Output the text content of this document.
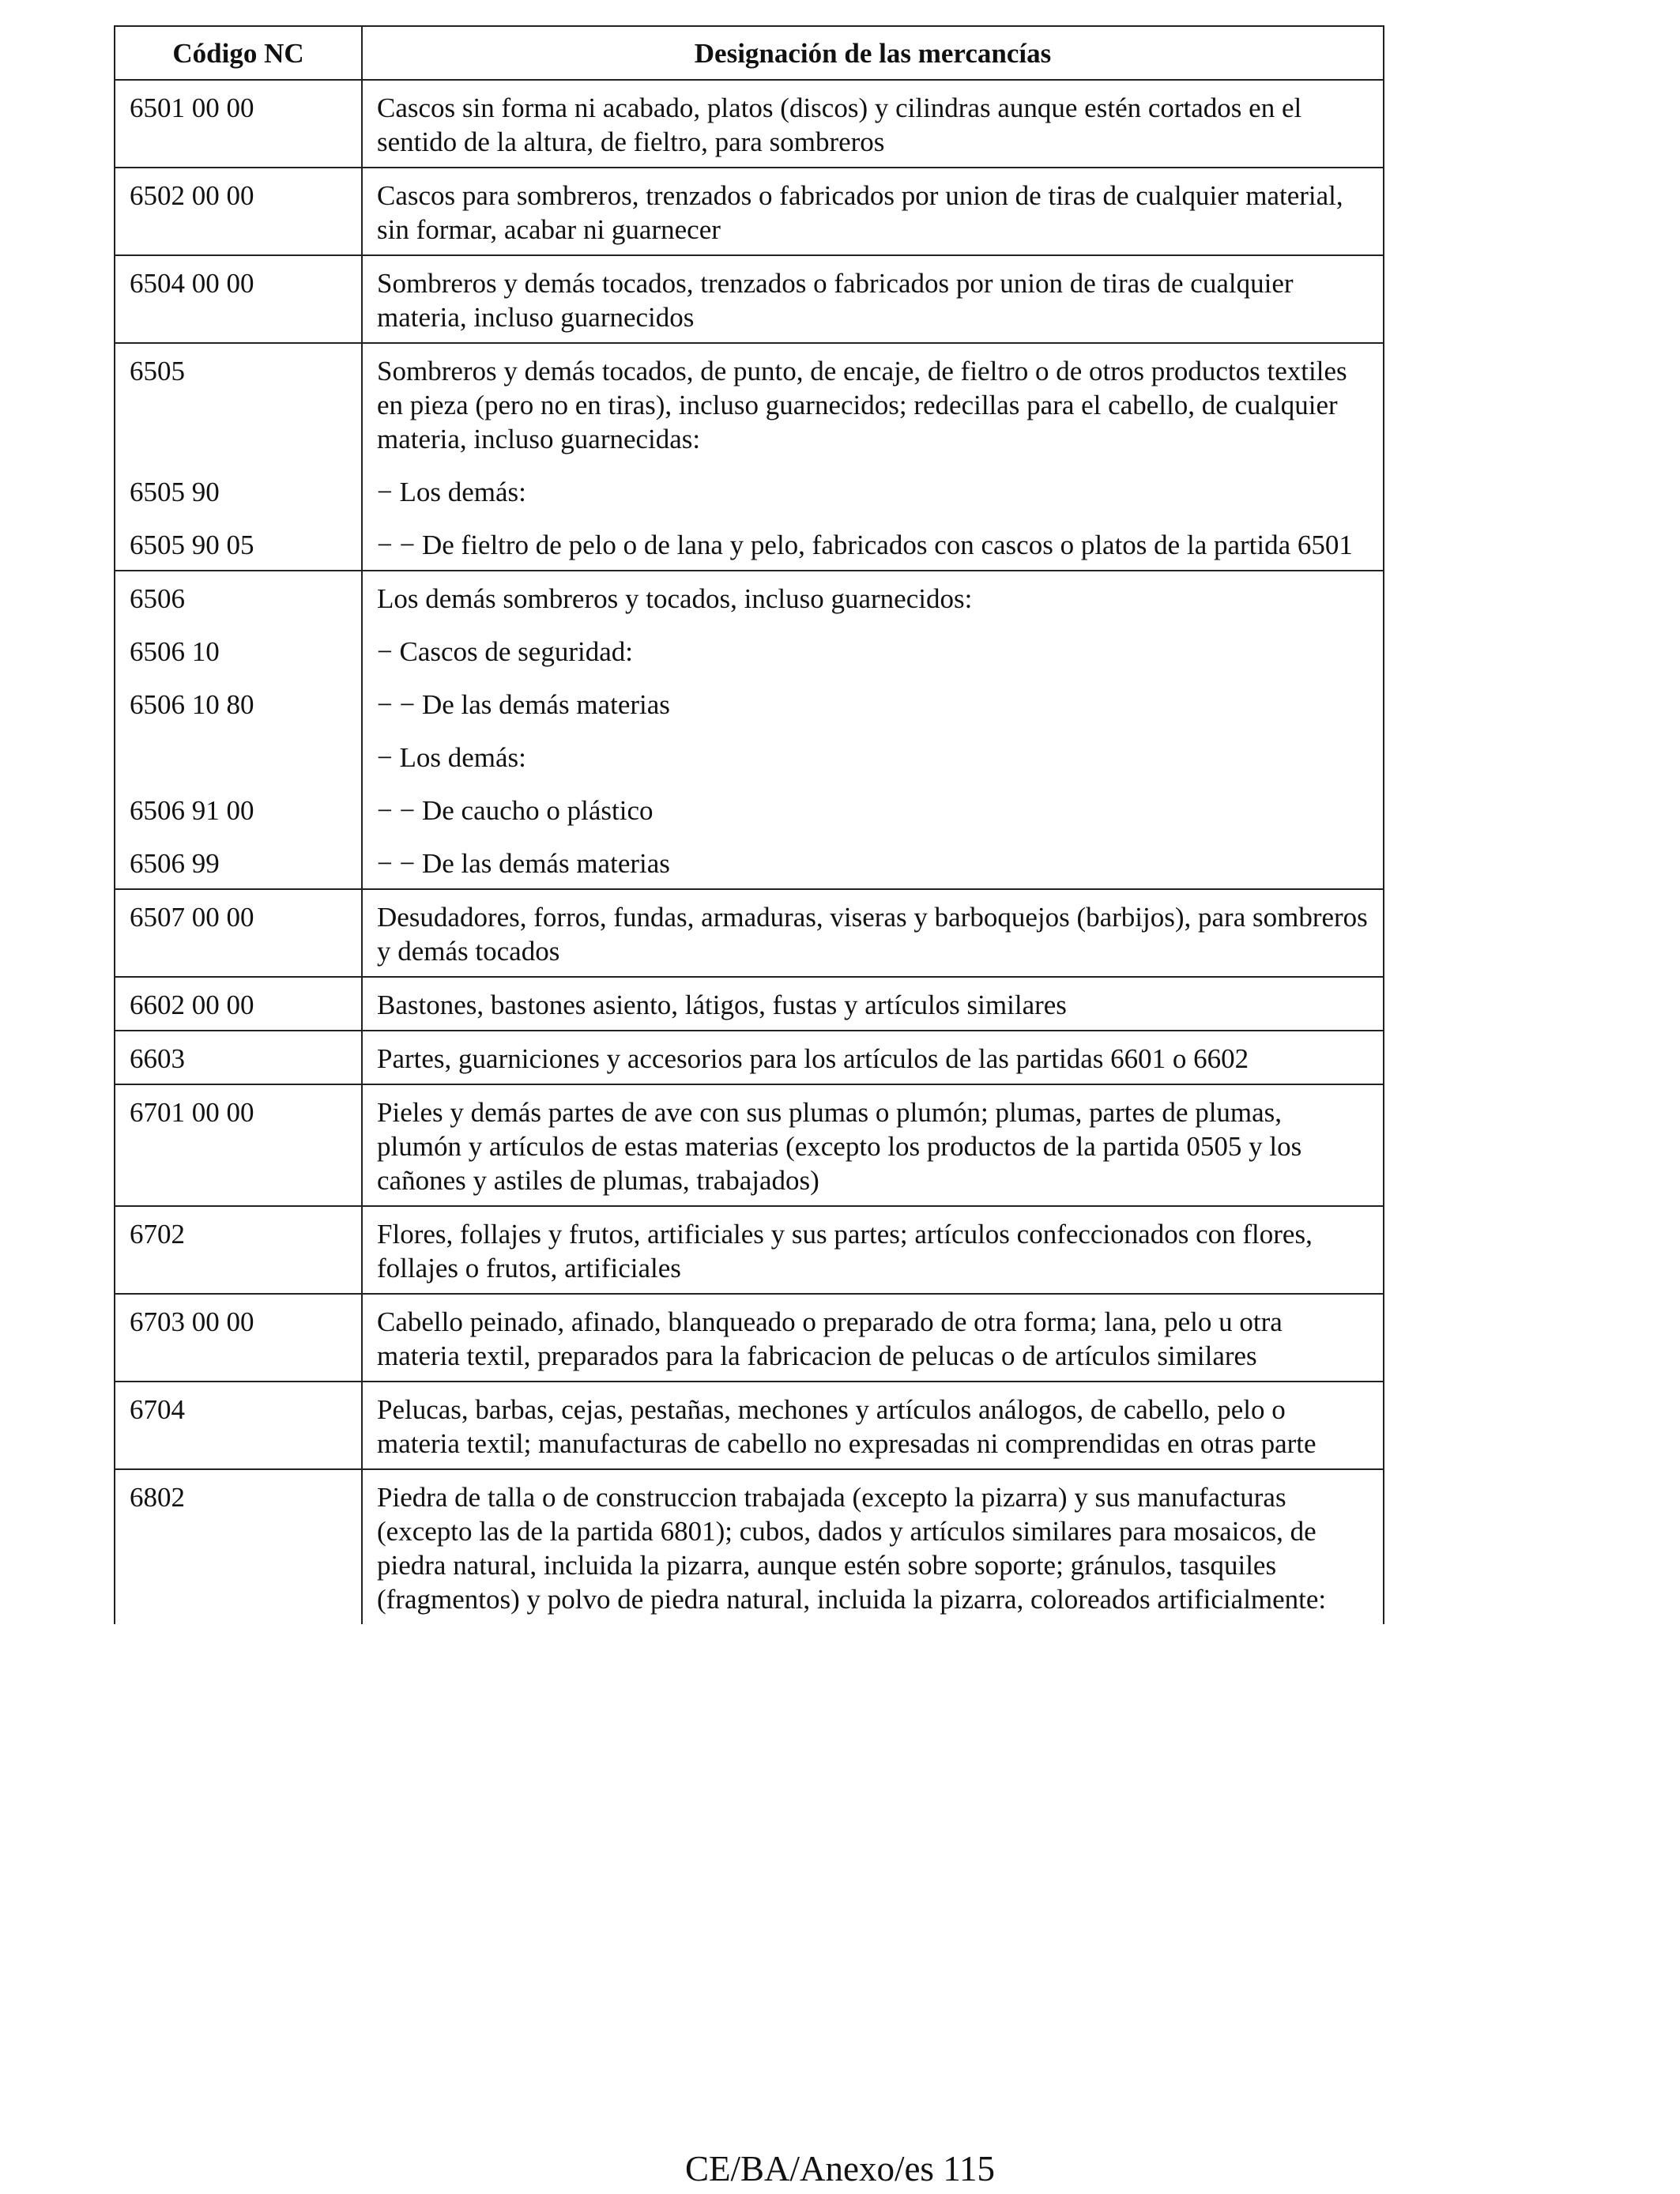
Código NC	Designación de las mercancías
6501 00 00	Cascos sin forma ni acabado, platos (discos) y cilindras aunque estén cortados en el sentido de la altura, de fieltro, para sombreros
6502 00 00	Cascos para sombreros, trenzados o fabricados por union de tiras de cualquier material, sin formar, acabar ni guarnecer
6504 00 00	Sombreros y demás tocados, trenzados o fabricados por union de tiras de cualquier materia, incluso guarnecidos
6505	Sombreros y demás tocados, de punto, de encaje, de fieltro o de otros productos textiles en pieza (pero no en tiras), incluso guarnecidos; redecillas para el cabello, de cualquier materia, incluso guarnecidas:
6505 90	− Los demás:
6505 90 05	− − De fieltro de pelo o de lana y pelo, fabricados con cascos o platos de la partida 6501
6506	Los demás sombreros y tocados, incluso guarnecidos:
6506 10	− Cascos de seguridad:
6506 10 80	− − De las demás materias
	− Los demás:
6506 91 00	− − De caucho o plástico
6506 99	− − De las demás materias
6507 00 00	Desudadores, forros, fundas, armaduras, viseras y barboquejos (barbijos), para sombreros y demás tocados
6602 00 00	Bastones, bastones asiento, látigos, fustas y artículos similares
6603	Partes, guarniciones y accesorios para los artículos de las partidas 6601 o 6602
6701 00 00	Pieles y demás partes de ave con sus plumas o plumón; plumas, partes de plumas, plumón y artículos de estas materias (excepto los productos de la partida 0505 y los cañones y astiles de plumas, trabajados)
6702	Flores, follajes y frutos, artificiales y sus partes; artículos confeccionados con flores, follajes o frutos, artificiales
6703 00 00	Cabello peinado, afinado, blanqueado o preparado de otra forma; lana, pelo u otra materia textil, preparados para la fabricacion de pelucas o de artículos similares
6704	Pelucas, barbas, cejas, pestañas, mechones y artículos análogos, de cabello, pelo o materia textil; manufacturas de cabello no expresadas ni comprendidas en otras parte
6802	Piedra de talla o de construccion trabajada (excepto la pizarra) y sus manufacturas (excepto las de la partida 6801); cubos, dados y artículos similares para mosaicos, de piedra natural, incluida la pizarra, aunque estén sobre soporte; gránulos, tasquiles (fragmentos) y polvo de piedra natural, incluida la pizarra, coloreados artificialmente:
CE/BA/Anexo/es 115
